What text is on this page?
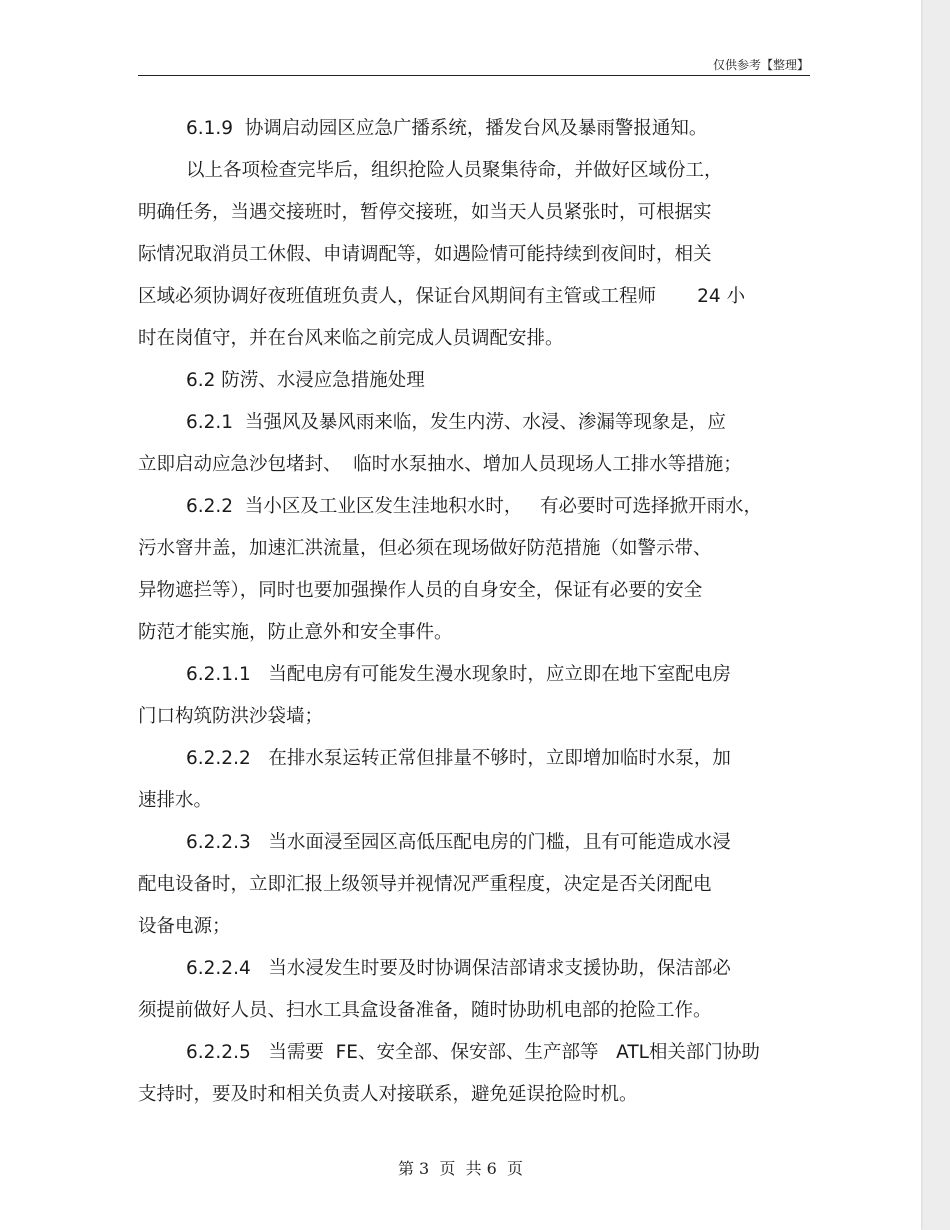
仅供参考【整理】
6.1.9  协调启动园区应急广播系统，播发台风及暴雨警报通知。
以上各项检查完毕后，组织抢险人员聚集待命，并做好区域份工，
明确任务，当遇交接班时，暂停交接班，如当天人员紧张时，可根据实
际情况取消员工休假、申请调配等，如遇险情可能持续到夜间时，相关
区域必须协调好夜班值班负责人，保证台风期间有主管或工程师       24 小
时在岗值守，并在台风来临之前完成人员调配安排。
6.2 防涝、水浸应急措施处理
6.2.1  当强风及暴风雨来临，发生内涝、水浸、渗漏等现象是，应
立即启动应急沙包堵封、  临时水泵抽水、增加人员现场人工排水等措施；
6.2.2  当小区及工业区发生洼地积水时，   有必要时可选择掀开雨水，
污水窨井盖，加速汇洪流量，但必须在现场做好防范措施（如警示带、
异物遮拦等），同时也要加强操作人员的自身安全，保证有必要的安全
防范才能实施，防止意外和安全事件。
6.2.1.1   当配电房有可能发生漫水现象时，应立即在地下室配电房
门口构筑防洪沙袋墙；
6.2.2.2   在排水泵运转正常但排量不够时，立即增加临时水泵，加
速排水。
6.2.2.3   当水面浸至园区高低压配电房的门槛，且有可能造成水浸
配电设备时，立即汇报上级领导并视情况严重程度，决定是否关闭配电
设备电源；
6.2.2.4   当水浸发生时要及时协调保洁部请求支援协助，保洁部必
须提前做好人员、扫水工具盒设备准备，随时协助机电部的抢险工作。
6.2.2.5   当需要  FE、安全部、保安部、生产部等   ATL相关部门协助
支持时，要及时和相关负责人对接联系，避免延误抢险时机。
第 3  页  共 6  页
